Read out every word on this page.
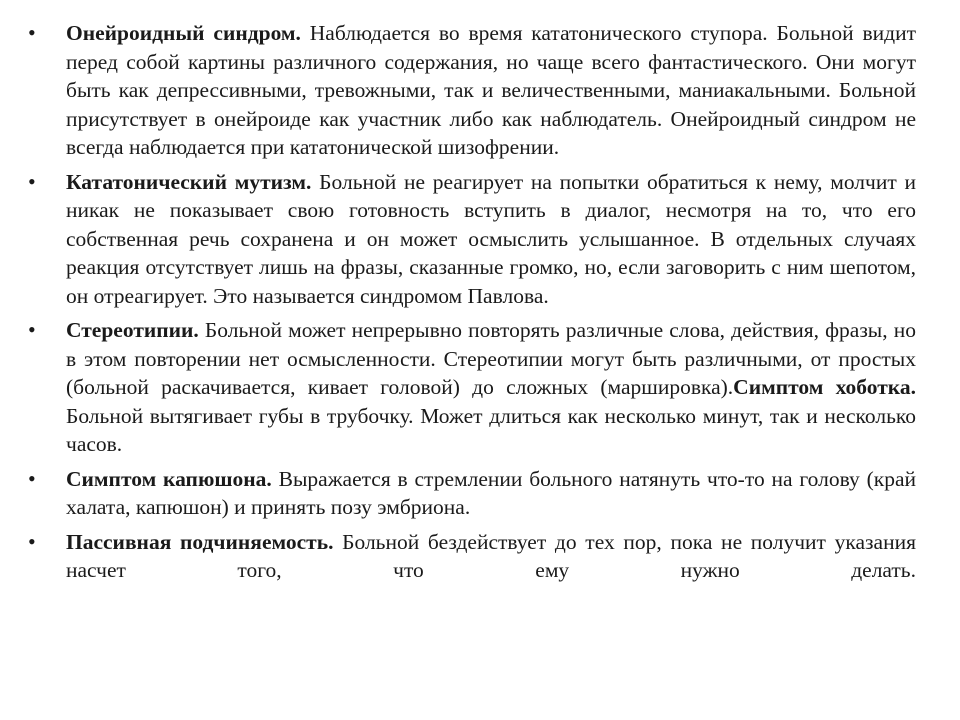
• Онейроидный синдром. Наблюдается во время кататонического ступора. Больной видит перед собой картины различного содержания, но чаще всего фантастического. Они могут быть как депрессивными, тревожными, так и величественными, маниакальными. Больной присутствует в онейроиде как участник либо как наблюдатель. Онейроидный синдром не всегда наблюдается при кататонической шизофрении.

• Кататонический мутизм. Больной не реагирует на попытки обратиться к нему, молчит и никак не показывает свою готовность вступить в диалог, несмотря на то, что его собственная речь сохранена и он может осмыслить услышанное. В отдельных случаях реакция отсутствует лишь на фразы, сказанные громко, но, если заговорить с ним шепотом, он отреагирует. Это называется синдромом Павлова.

• Стереотипии. Больной может непрерывно повторять различные слова, действия, фразы, но в этом повторении нет осмысленности. Стереотипии могут быть различными, от простых (больной раскачивается, кивает головой) до сложных (маршировка).Симптом хоботка. Больной вытягивает губы в трубочку. Может длиться как несколько минут, так и несколько часов.

• Симптом капюшона. Выражается в стремлении больного натянуть что-то на голову (край халата, капюшон) и принять позу эмбриона.

• Пассивная подчиняемость. Больной бездействует до тех пор, пока не получит указания насчет того, что ему нужно делать.
